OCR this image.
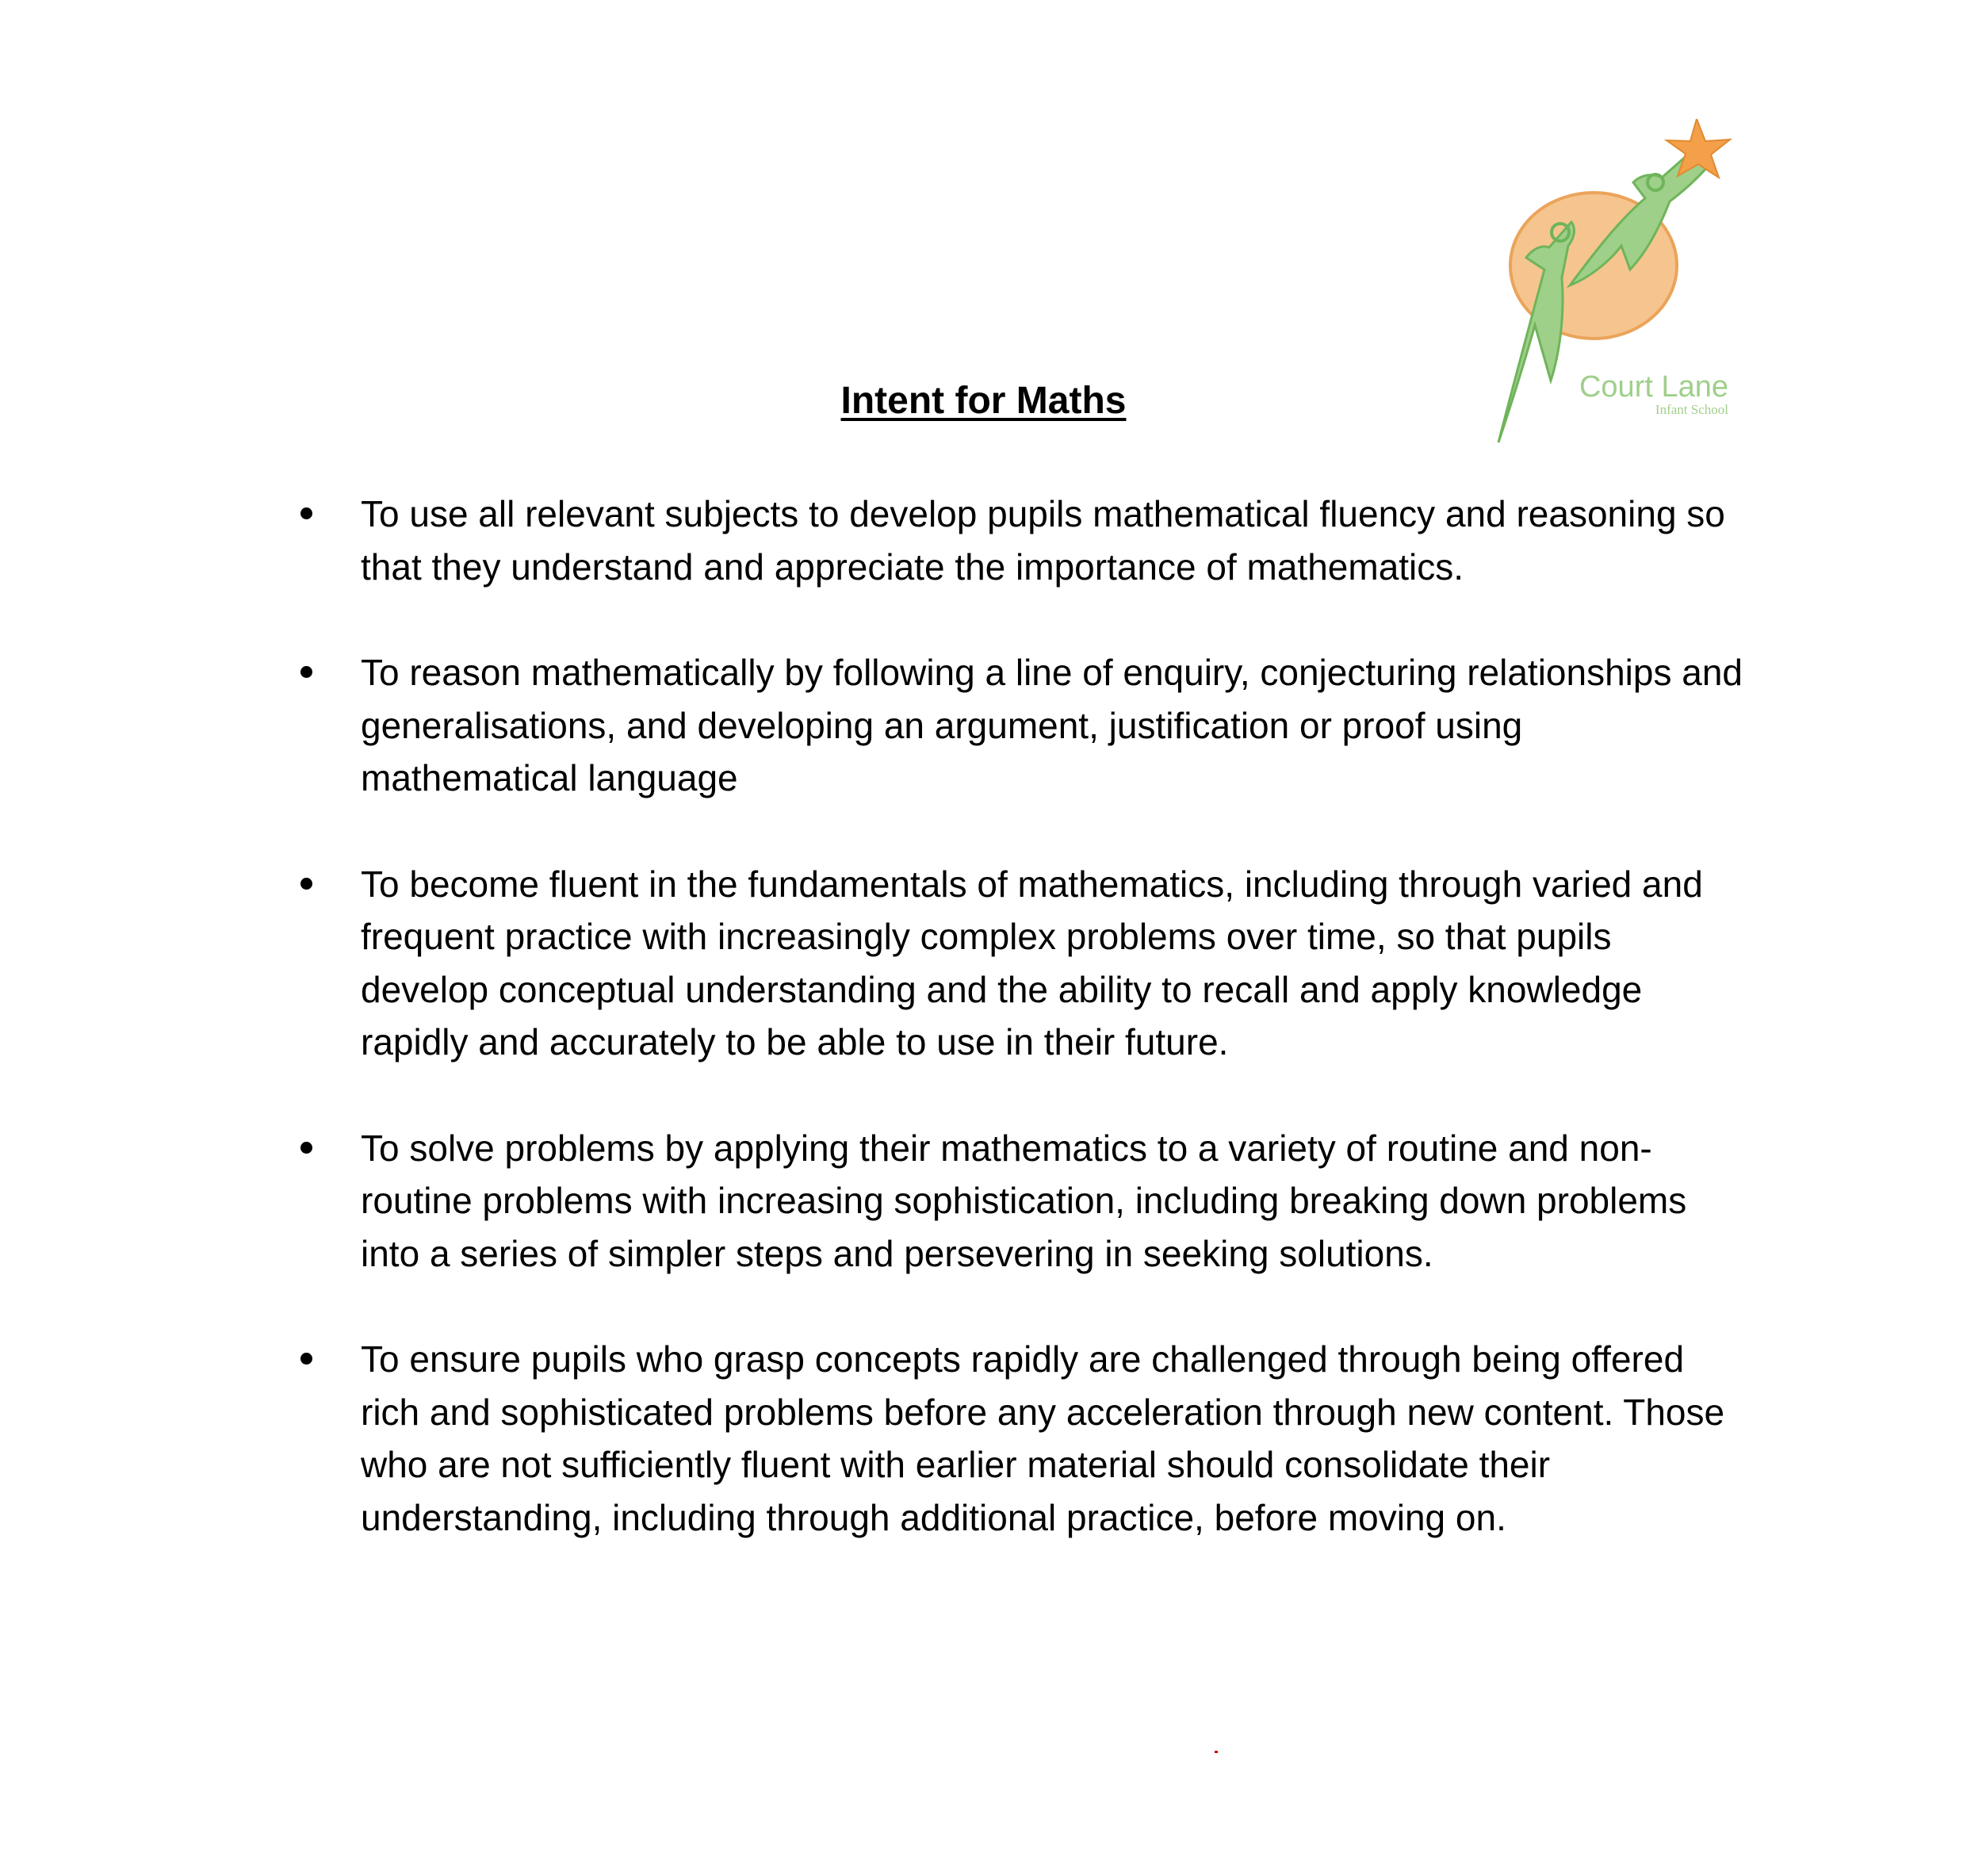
Court Lane
Infant School
Intent for Maths
To use all relevant subjects to develop pupils mathematical fluency and reasoning so that they understand and appreciate the importance of mathematics.
To reason mathematically by following a line of enquiry, conjecturing relationships and generalisations, and developing an argument, justification or proof using mathematical language
To become fluent in the fundamentals of mathematics, including through varied and frequent practice with increasingly complex problems over time, so that pupils develop conceptual understanding and the ability to recall and apply knowledge rapidly and accurately to be able to use in their future.
To solve problems by applying their mathematics to a variety of routine and non-routine problems with increasing sophistication, including breaking down problems into a series of simpler steps and persevering in seeking solutions.
To ensure pupils who grasp concepts rapidly are challenged through being offered rich and sophisticated problems before any acceleration through new content. Those who are not sufficiently fluent with earlier material should consolidate their understanding, including through additional practice, before moving on.
